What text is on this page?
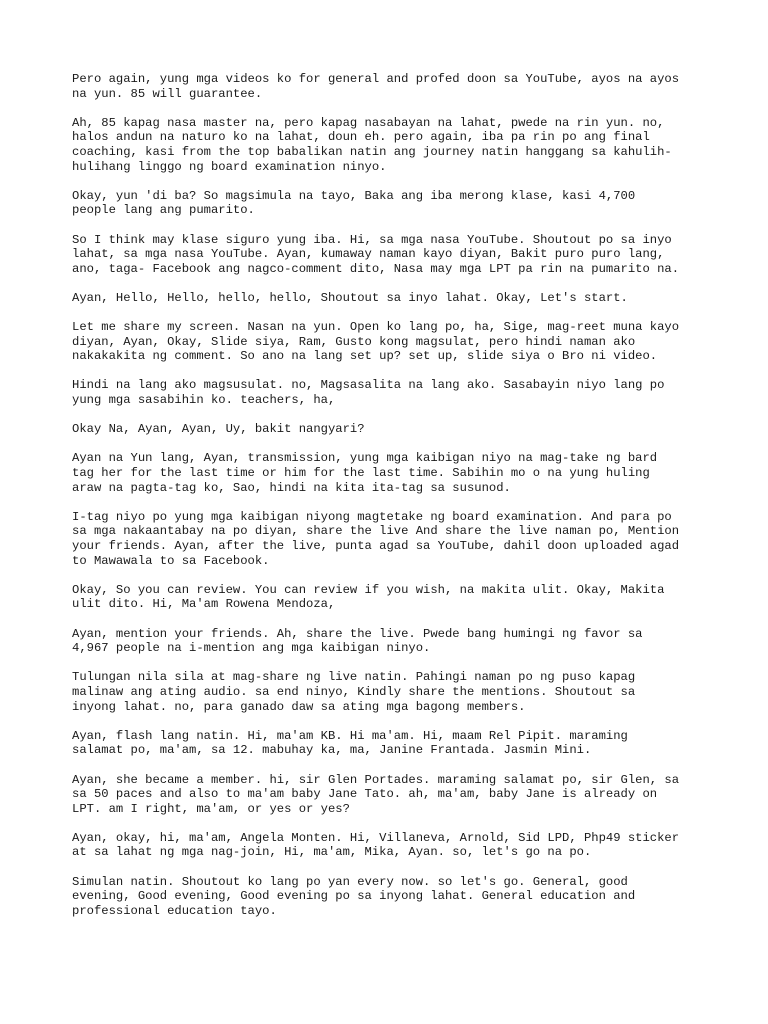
Pero again, yung mga videos ko for general and profed doon sa YouTube, ayos na ayos
na yun. 85 will guarantee.

Ah, 85 kapag nasa master na, pero kapag nasabayan na lahat, pwede na rin yun. no,
halos andun na naturo ko na lahat, doun eh. pero again, iba pa rin po ang final
coaching, kasi from the top babalikan natin ang journey natin hanggang sa kahulih-
hulihang linggo ng board examination ninyo.

Okay, yun 'di ba? So magsimula na tayo, Baka ang iba merong klase, kasi 4,700
people lang ang pumarito.

So I think may klase siguro yung iba. Hi, sa mga nasa YouTube. Shoutout po sa inyo
lahat, sa mga nasa YouTube. Ayan, kumaway naman kayo diyan, Bakit puro puro lang,
ano, taga- Facebook ang nagco-comment dito, Nasa may mga LPT pa rin na pumarito na.

Ayan, Hello, Hello, hello, hello, Shoutout sa inyo lahat. Okay, Let's start.

Let me share my screen. Nasan na yun. Open ko lang po, ha, Sige, mag-reet muna kayo
diyan, Ayan, Okay, Slide siya, Ram, Gusto kong magsulat, pero hindi naman ako
nakakakita ng comment. So ano na lang set up? set up, slide siya o Bro ni video.

Hindi na lang ako magsusulat. no, Magsasalita na lang ako. Sasabayin niyo lang po
yung mga sasabihin ko. teachers, ha,

Okay Na, Ayan, Ayan, Uy, bakit nangyari?

Ayan na Yun lang, Ayan, transmission, yung mga kaibigan niyo na mag-take ng bard
tag her for the last time or him for the last time. Sabihin mo o na yung huling
araw na pagta-tag ko, Sao, hindi na kita ita-tag sa susunod.

I-tag niyo po yung mga kaibigan niyong magtetake ng board examination. And para po
sa mga nakaantabay na po diyan, share the live And share the live naman po, Mention
your friends. Ayan, after the live, punta agad sa YouTube, dahil doon uploaded agad
to Mawawala to sa Facebook.

Okay, So you can review. You can review if you wish, na makita ulit. Okay, Makita
ulit dito. Hi, Ma'am Rowena Mendoza,

Ayan, mention your friends. Ah, share the live. Pwede bang humingi ng favor sa
4,967 people na i-mention ang mga kaibigan ninyo.

Tulungan nila sila at mag-share ng live natin. Pahingi naman po ng puso kapag
malinaw ang ating audio. sa end ninyo, Kindly share the mentions. Shoutout sa
inyong lahat. no, para ganado daw sa ating mga bagong members.

Ayan, flash lang natin. Hi, ma'am KB. Hi ma'am. Hi, maam Rel Pipit. maraming
salamat po, ma'am, sa 12. mabuhay ka, ma, Janine Frantada. Jasmin Mini.

Ayan, she became a member. hi, sir Glen Portades. maraming salamat po, sir Glen, sa
sa 50 paces and also to ma'am baby Jane Tato. ah, ma'am, baby Jane is already on
LPT. am I right, ma'am, or yes or yes?

Ayan, okay, hi, ma'am, Angela Monten. Hi, Villaneva, Arnold, Sid LPD, Php49 sticker
at sa lahat ng mga nag-join, Hi, ma'am, Mika, Ayan. so, let's go na po.

Simulan natin. Shoutout ko lang po yan every now. so let's go. General, good
evening, Good evening, Good evening po sa inyong lahat. General education and
professional education tayo.
